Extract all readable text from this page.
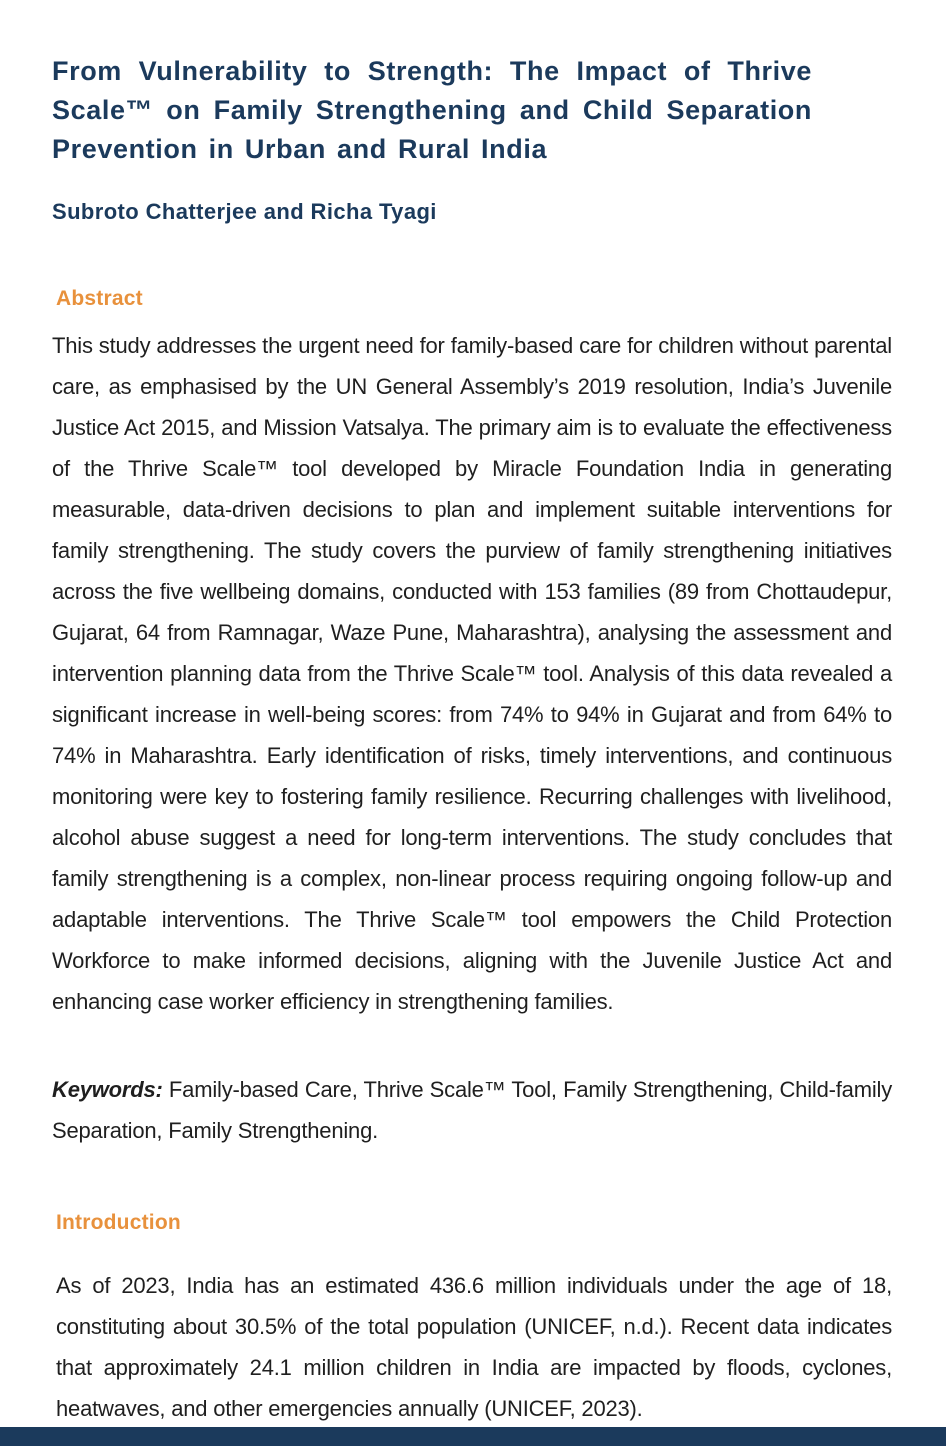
From Vulnerability to Strength: The Impact of Thrive Scale™ on Family Strengthening and Child Separation Prevention in Urban and Rural India
Subroto Chatterjee and Richa Tyagi
Abstract

This study addresses the urgent need for family-based care for children without parental care, as emphasised by the UN General Assembly’s 2019 resolution, India’s Juvenile Justice Act 2015, and Mission Vatsalya. The primary aim is to evaluate the effectiveness of the Thrive Scale™ tool developed by Miracle Foundation India in generating measurable, data-driven decisions to plan and implement suitable interventions for family strengthening. The study covers the purview of family strengthening initiatives across the five wellbeing domains, conducted with 153 families (89 from Chottaudepur, Gujarat, 64 from Ramnagar, Waze Pune, Maharashtra), analysing the assessment and intervention planning data from the Thrive Scale™ tool. Analysis of this data revealed a significant increase in well-being scores: from 74% to 94% in Gujarat and from 64% to 74% in Maharashtra. Early identification of risks, timely interventions, and continuous monitoring were key to fostering family resilience. Recurring challenges with livelihood, alcohol abuse suggest a need for long-term interventions. The study concludes that family strengthening is a complex, non-linear process requiring ongoing follow-up and adaptable interventions. The Thrive Scale™ tool empowers the Child Protection Workforce to make informed decisions, aligning with the Juvenile Justice Act and enhancing case worker efficiency in strengthening families.

Keywords: Family-based Care, Thrive Scale™ Tool, Family Strengthening, Child-family Separation, Family Strengthening.

Introduction

As of 2023, India has an estimated 436.6 million individuals under the age of 18, constituting about 30.5% of the total population (UNICEF, n.d.). Recent data indicates that approximately 24.1 million children in India are impacted by floods, cyclones, heatwaves, and other emergencies annually (UNICEF, 2023).
